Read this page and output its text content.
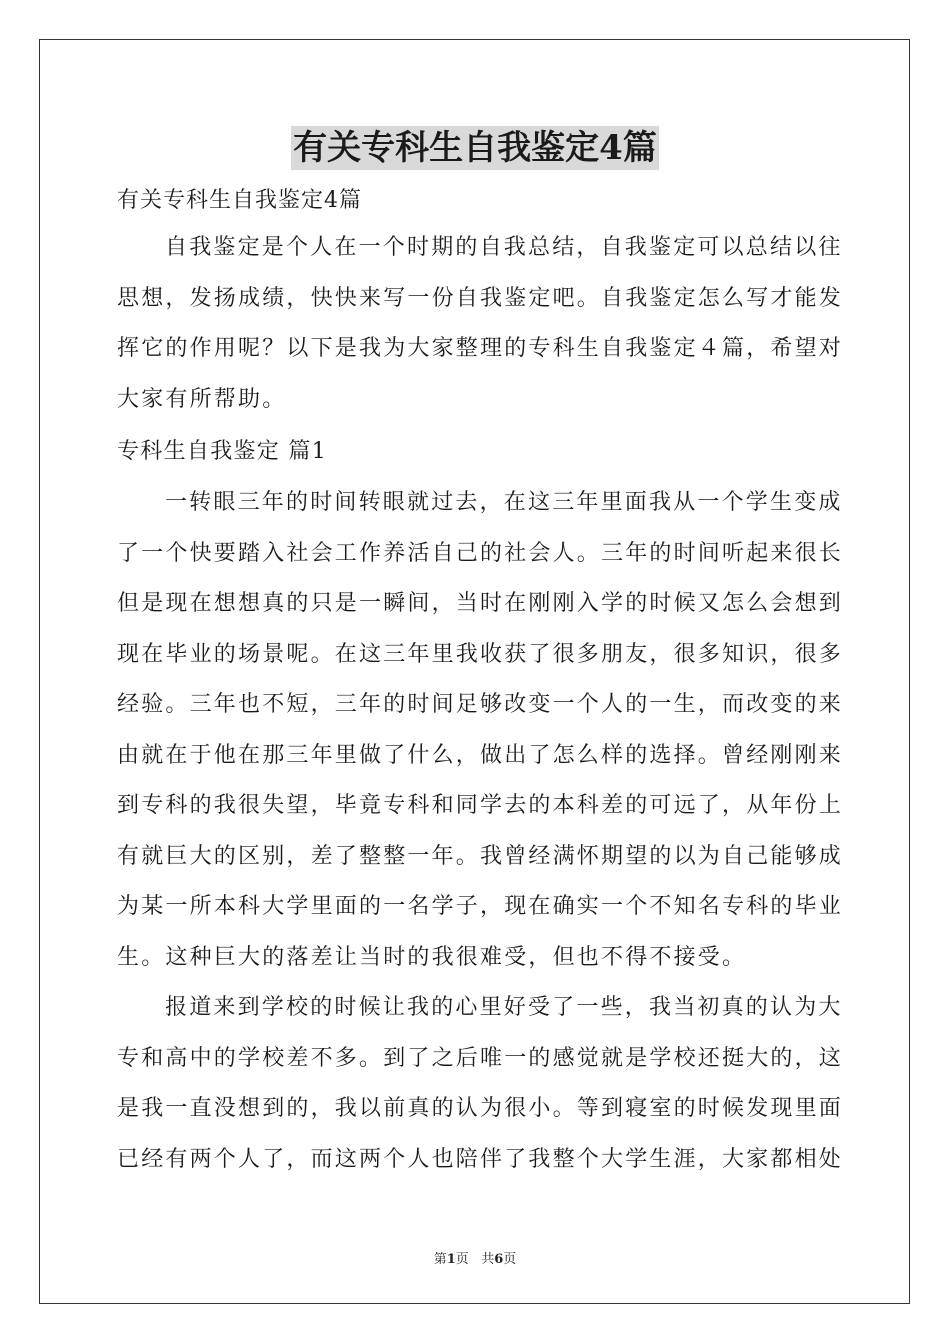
有关专科生自我鉴定4篇

有关专科生自我鉴定4篇

自我鉴定是个人在一个时期的自我总结，自我鉴定可以总结以往

思想，发扬成绩，快快来写一份自我鉴定吧。自我鉴定怎么写才能发

挥它的作用呢？以下是我为大家整理的专科生自我鉴定４篇，希望对

大家有所帮助。

专科生自我鉴定 篇1

一转眼三年的时间转眼就过去，在这三年里面我从一个学生变成

了一个快要踏入社会工作养活自己的社会人。三年的时间听起来很长

但是现在想想真的只是一瞬间，当时在刚刚入学的时候又怎么会想到

现在毕业的场景呢。在这三年里我收获了很多朋友，很多知识，很多

经验。三年也不短，三年的时间足够改变一个人的一生，而改变的来

由就在于他在那三年里做了什么，做出了怎么样的选择。曾经刚刚来

到专科的我很失望，毕竟专科和同学去的本科差的可远了，从年份上

有就巨大的区别，差了整整一年。我曾经满怀期望的以为自己能够成

为某一所本科大学里面的一名学子，现在确实一个不知名专科的毕业

生。这种巨大的落差让当时的我很难受，但也不得不接受。

报道来到学校的时候让我的心里好受了一些，我当初真的认为大

专和高中的学校差不多。到了之后唯一的感觉就是学校还挺大的，这

是我一直没想到的，我以前真的认为很小。等到寝室的时候发现里面

已经有两个人了，而这两个人也陪伴了我整个大学生涯，大家都相处

第1页 共6页
